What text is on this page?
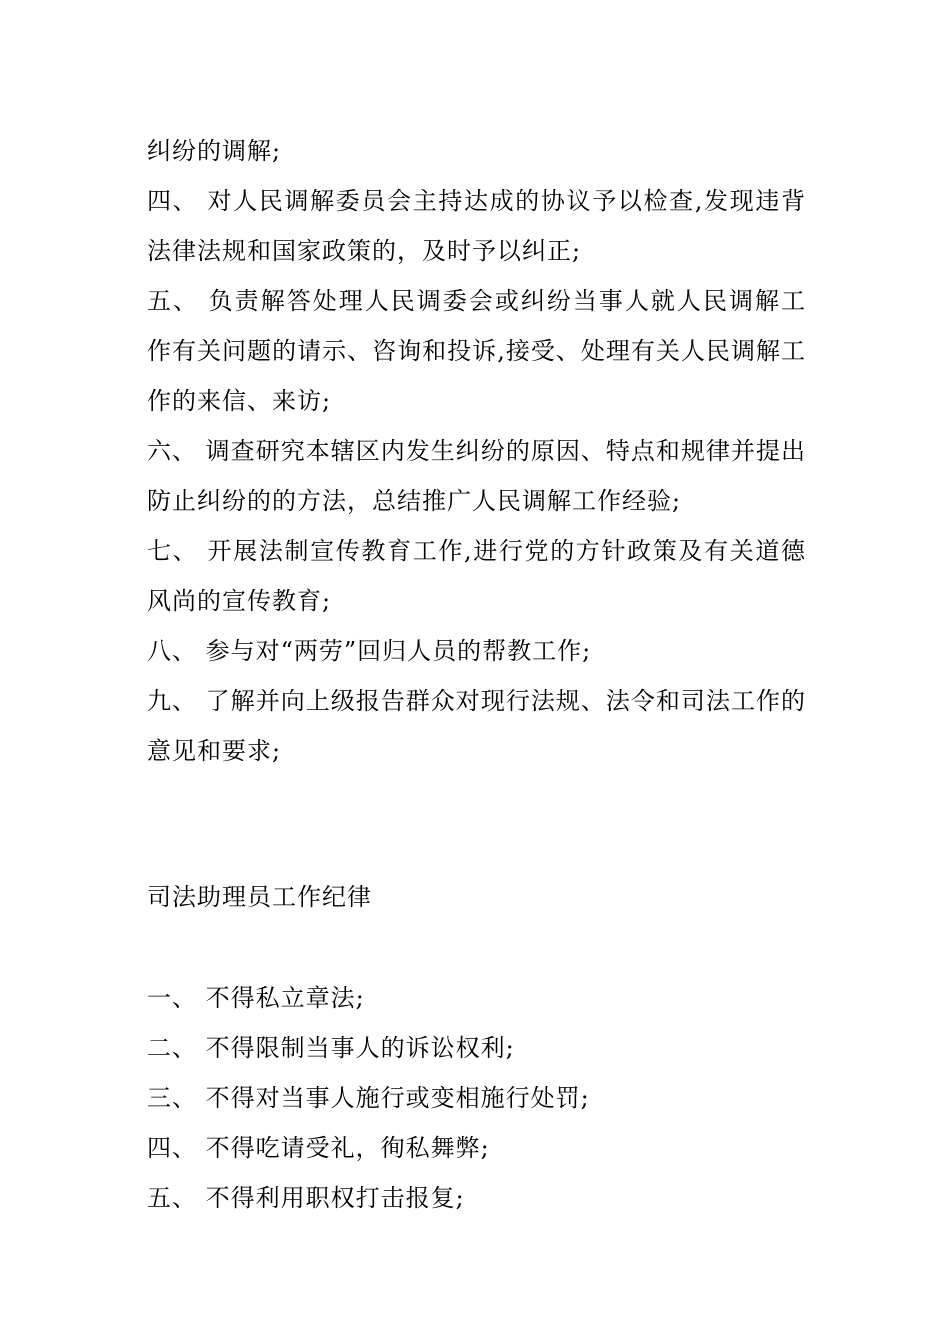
纠纷的调解;
四、 对人民调解委员会主持达成的协议予以检查,发现违背
法律法规和国家政策的，及时予以纠正;
五、 负责解答处理人民调委会或纠纷当事人就人民调解工
作有关问题的请示、咨询和投诉,接受、处理有关人民调解工
作的来信、来访;
六、 调查研究本辖区内发生纠纷的原因、特点和规律并提出
防止纠纷的的方法，总结推广人民调解工作经验;
七、 开展法制宣传教育工作,进行党的方针政策及有关道德
风尚的宣传教育;
八、 参与对“两劳”回归人员的帮教工作;
九、 了解并向上级报告群众对现行法规、法令和司法工作的
意见和要求;
司法助理员工作纪律
一、 不得私立章法;
二、 不得限制当事人的诉讼权利;
三、 不得对当事人施行或变相施行处罚;
四、 不得吃请受礼，徇私舞弊;
五、 不得利用职权打击报复;
